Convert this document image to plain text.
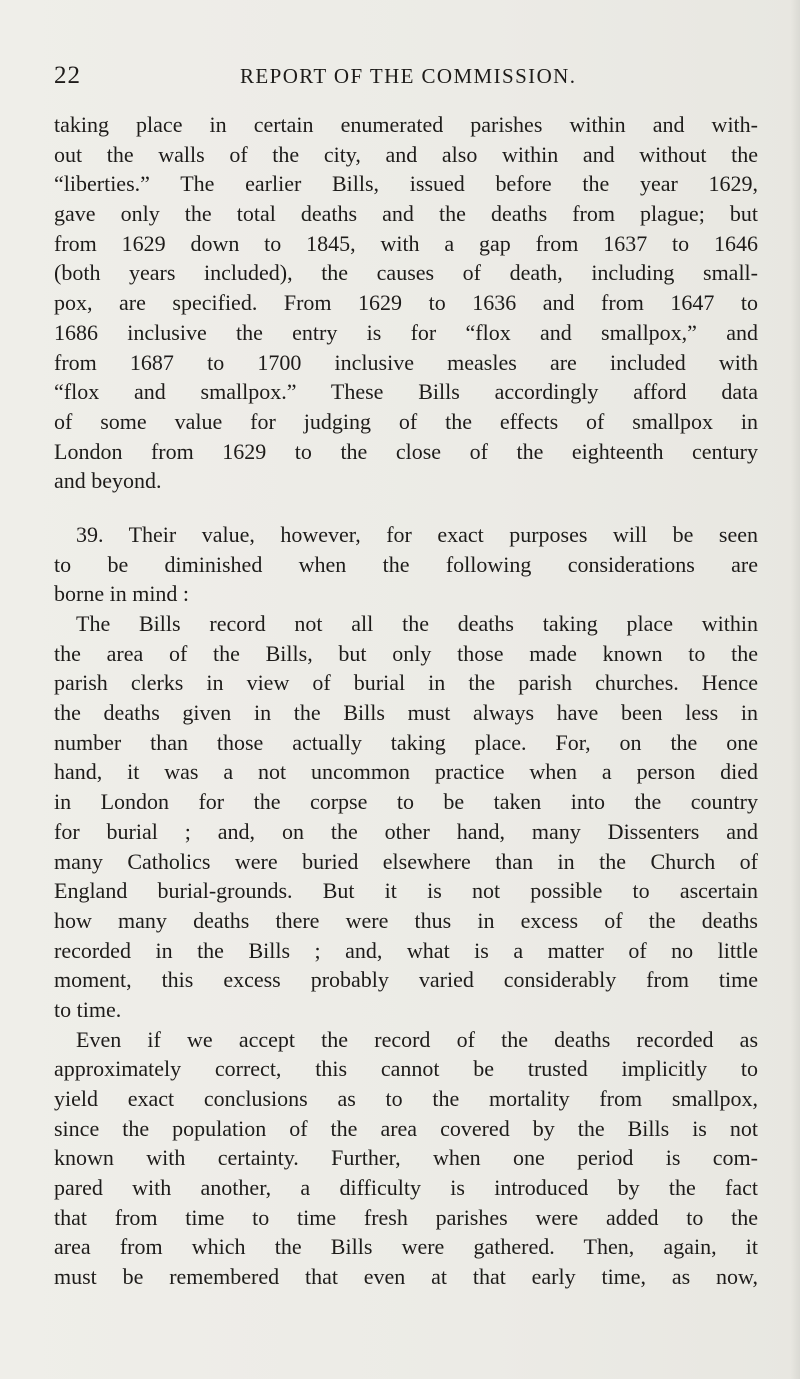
22	REPORT OF THE COMMISSION.
taking place in certain enumerated parishes within and with-
out the walls of the city, and also within and without the
“liberties.” The earlier Bills, issued before the year 1629,
gave only the total deaths and the deaths from plague; but
from 1629 down to 1845, with a gap from 1637 to 1646
(both years included), the causes of death, including small-
pox, are specified. From 1629 to 1636 and from 1647 to
1686 inclusive the entry is for “flox and smallpox,” and
from 1687 to 1700 inclusive measles are included with
“flox and smallpox.” These Bills accordingly afford data
of some value for judging of the effects of smallpox in
London from 1629 to the close of the eighteenth century
and beyond.
39. Their value, however, for exact purposes will be seen
to be diminished when the following considerations are
borne in mind :
The Bills record not all the deaths taking place within
the area of the Bills, but only those made known to the
parish clerks in view of burial in the parish churches. Hence
the deaths given in the Bills must always have been less in
number than those actually taking place. For, on the one
hand, it was a not uncommon practice when a person died
in London for the corpse to be taken into the country
for burial ; and, on the other hand, many Dissenters and
many Catholics were buried elsewhere than in the Church of
England burial-grounds. But it is not possible to ascertain
how many deaths there were thus in excess of the deaths
recorded in the Bills ; and, what is a matter of no little
moment, this excess probably varied considerably from time
to time.
Even if we accept the record of the deaths recorded as
approximately correct, this cannot be trusted implicitly to
yield exact conclusions as to the mortality from smallpox,
since the population of the area covered by the Bills is not
known with certainty. Further, when one period is com-
pared with another, a difficulty is introduced by the fact
that from time to time fresh parishes were added to the
area from which the Bills were gathered. Then, again, it
must be remembered that even at that early time, as now,
